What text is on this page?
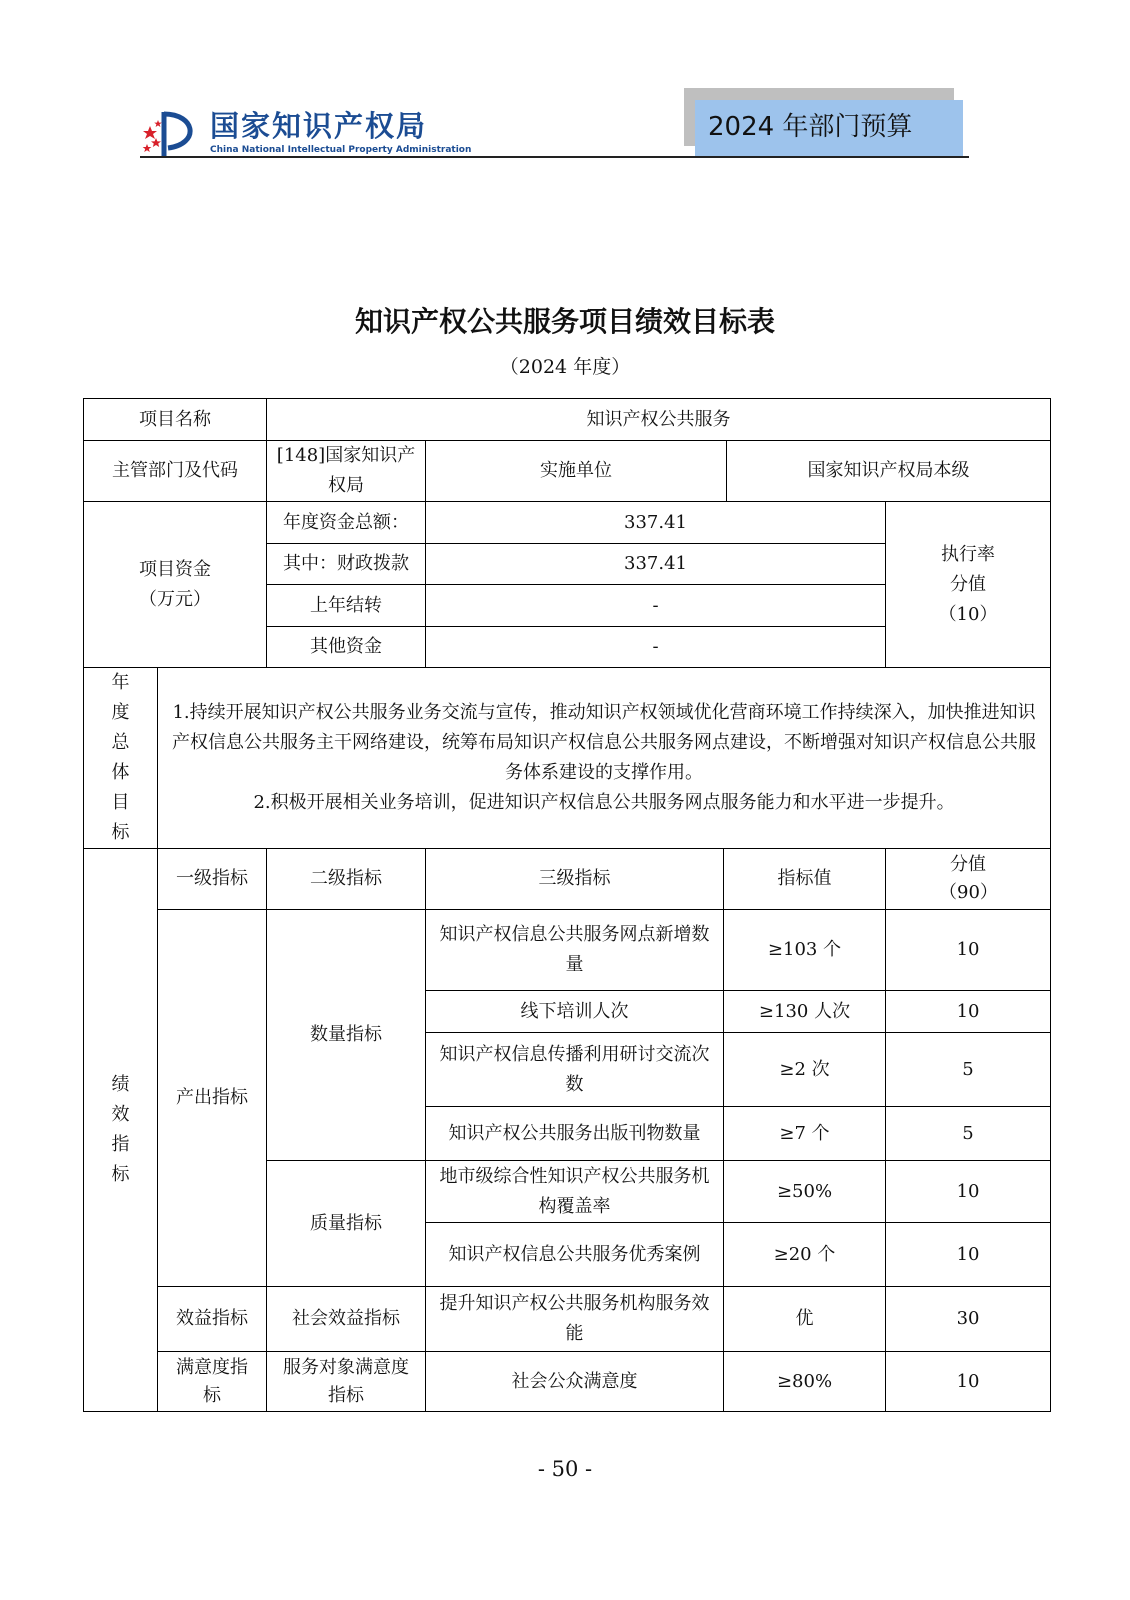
国家知识产权局
China National Intellectual Property Administration
2024 年部门预算
知识产权公共服务项目绩效目标表
（2024 年度）
项目名称		知识产权公共服务				
主管部门及代码		[148]国家知识产权局	实施单位		国家知识产权局本级	

项目资金（万元）		年度资金总额：	337.41			执行率分值（10）

		其中：财政拨款	337.41			
		上年结转	-			
		其他资金	-			

年度总体目标	1.持续开展知识产权公共服务业务交流与宣传，推动知识产权领域优化营商环境工作持续深入，加快推进知识产权信息公共服务主干网络建设，统筹布局知识产权信息公共服务网点建设，不断增强对知识产权信息公共服务体系建设的支撑作用。

2.积极开展相关业务培训，促进知识产权信息公共服务网点服务能力和水平进一步提升。					

绩效指标	一级指标	二级指标	三级指标	指标值		分值（90）

	产出指标	数量指标	知识产权信息公共服务网点新增数量	≥103 个		10
			线下培训人次	≥130 人次		10
			知识产权信息传播利用研讨交流次数	≥2 次		5
			知识产权公共服务出版刊物数量	≥7 个		5
		质量指标	地市级综合性知识产权公共服务机构覆盖率	≥50%		10
			知识产权信息公共服务优秀案例	≥20 个		10
	效益指标	社会效益指标	提升知识产权公共服务机构服务效能	优		30

	满意度指标	服务对象满意度指标	社会公众满意度	≥80%		10
- 50 -
